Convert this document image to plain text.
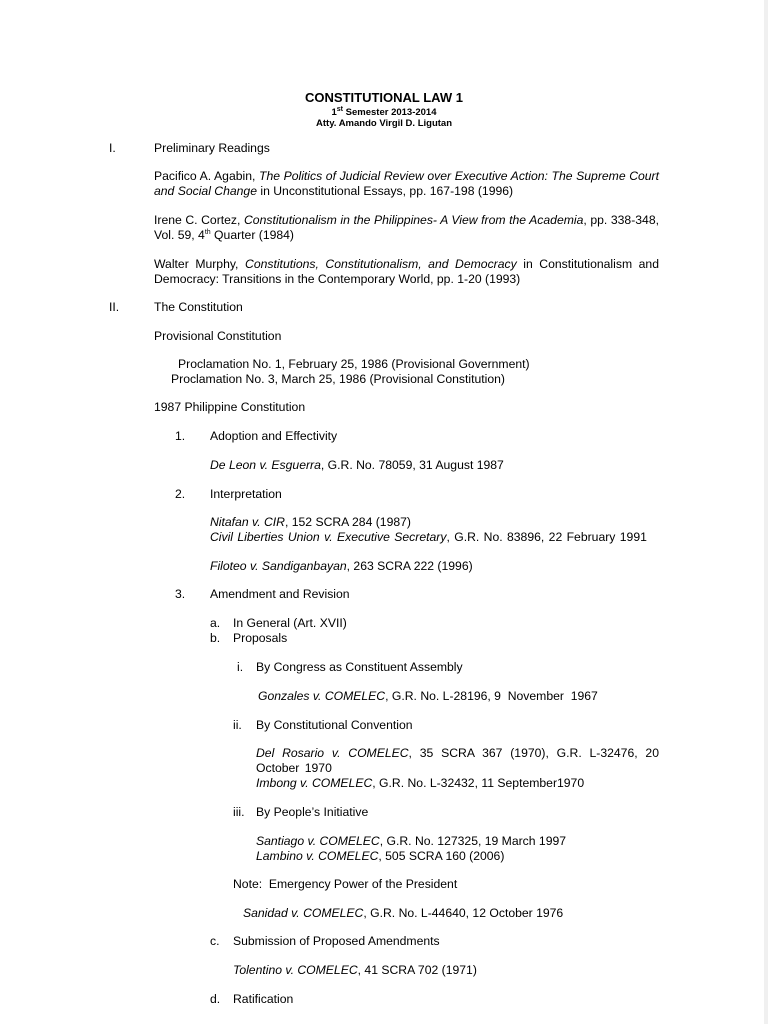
CONSTITUTIONAL LAW 1
1st Semester 2013-2014
Atty. Amando Virgil D. Ligutan
I.	Preliminary Readings
Pacifico A. Agabin, The Politics of Judicial Review over Executive Action: The Supreme Court and Social Change in Unconstitutional Essays, pp. 167-198 (1996)
Irene C. Cortez, Constitutionalism in the Philippines- A View from the Academia, pp. 338-348, Vol. 59, 4th Quarter (1984)
Walter Murphy, Constitutions, Constitutionalism, and Democracy in Constitutionalism and Democracy: Transitions in the Contemporary World, pp. 1-20 (1993)
II.	The Constitution
Provisional Constitution
Proclamation No. 1, February 25, 1986 (Provisional Government)
Proclamation No. 3, March 25, 1986 (Provisional Constitution)
1987 Philippine Constitution
1. Adoption and Effectivity
De Leon v. Esguerra, G.R. No. 78059, 31 August 1987
2. Interpretation
Nitafan v. CIR, 152 SCRA 284 (1987)
Civil Liberties Union v. Executive Secretary, G.R. No. 83896, 22 February 1991
Filoteo v. Sandiganbayan, 263 SCRA 222 (1996)
3. Amendment and Revision
a. In General (Art. XVII)
b. Proposals
i. By Congress as Constituent Assembly
Gonzales v. COMELEC, G.R. No. L-28196, 9  November  1967
ii. By Constitutional Convention
Del Rosario v. COMELEC, 35 SCRA 367 (1970), G.R. L-32476, 20 October 1970
Imbong v. COMELEC, G.R. No. L-32432, 11 September1970
iii. By People’s Initiative
Santiago v. COMELEC, G.R. No. 127325, 19 March 1997
Lambino v. COMELEC, 505 SCRA 160 (2006)
Note:  Emergency Power of the President
Sanidad v. COMELEC, G.R. No. L-44640, 12 October 1976
c. Submission of Proposed Amendments
Tolentino v. COMELEC, 41 SCRA 702 (1971)
d. Ratification
